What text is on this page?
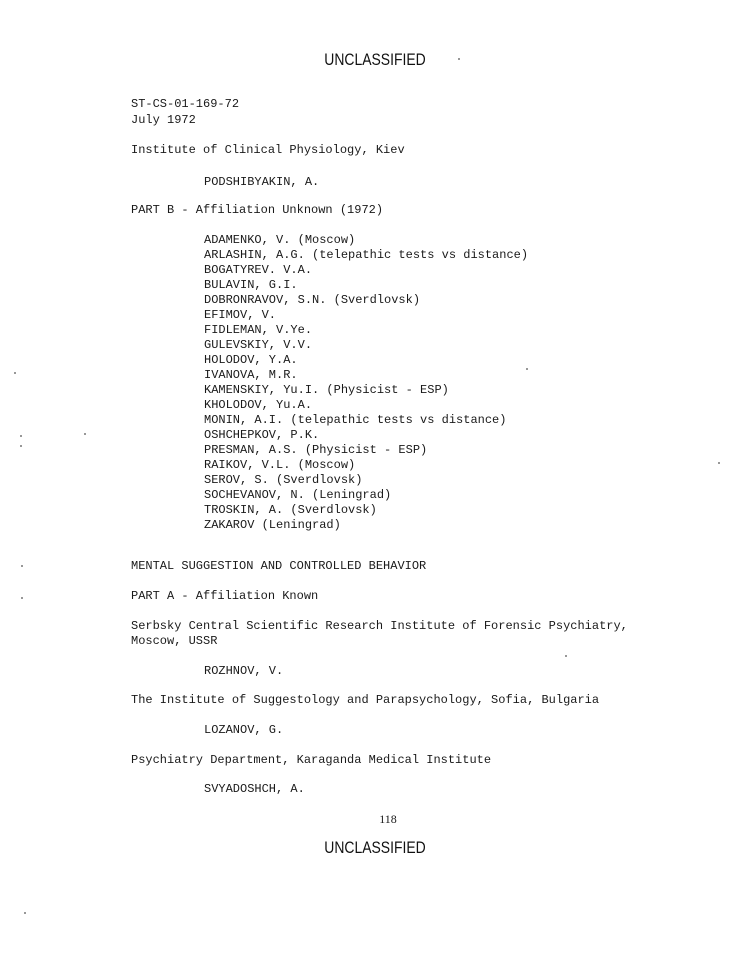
UNCLASSIFIED
ST-CS-01-169-72
July 1972
Institute of Clinical Physiology, Kiev
PODSHIBYAKIN, A.
PART B - Affiliation Unknown (1972)
ADAMENKO, V. (Moscow)
ARLASHIN, A.G. (telepathic tests vs distance)
BOGATYREV. V.A.
BULAVIN, G.I.
DOBRONRAVOV, S.N. (Sverdlovsk)
EFIMOV, V.
FIDLEMAN, V.Ye.
GULEVSKIY, V.V.
HOLODOV, Y.A.
IVANOVA, M.R.
KAMENSKIY, Yu.I. (Physicist - ESP)
KHOLODOV, Yu.A.
MONIN, A.I. (telepathic tests vs distance)
OSHCHEPKOV, P.K.
PRESMAN, A.S. (Physicist - ESP)
RAIKOV, V.L. (Moscow)
SEROV, S. (Sverdlovsk)
SOCHEVANOV, N. (Leningrad)
TROSKIN, A. (Sverdlovsk)
ZAKAROV (Leningrad)
MENTAL SUGGESTION AND CONTROLLED BEHAVIOR
PART A - Affiliation Known
Serbsky Central Scientific Research Institute of Forensic Psychiatry,
Moscow, USSR
ROZHNOV, V.
The Institute of Suggestology and Parapsychology, Sofia, Bulgaria
LOZANOV, G.
Psychiatry Department, Karaganda Medical Institute
SVYADOSHCH, A.
118
UNCLASSIFIED
